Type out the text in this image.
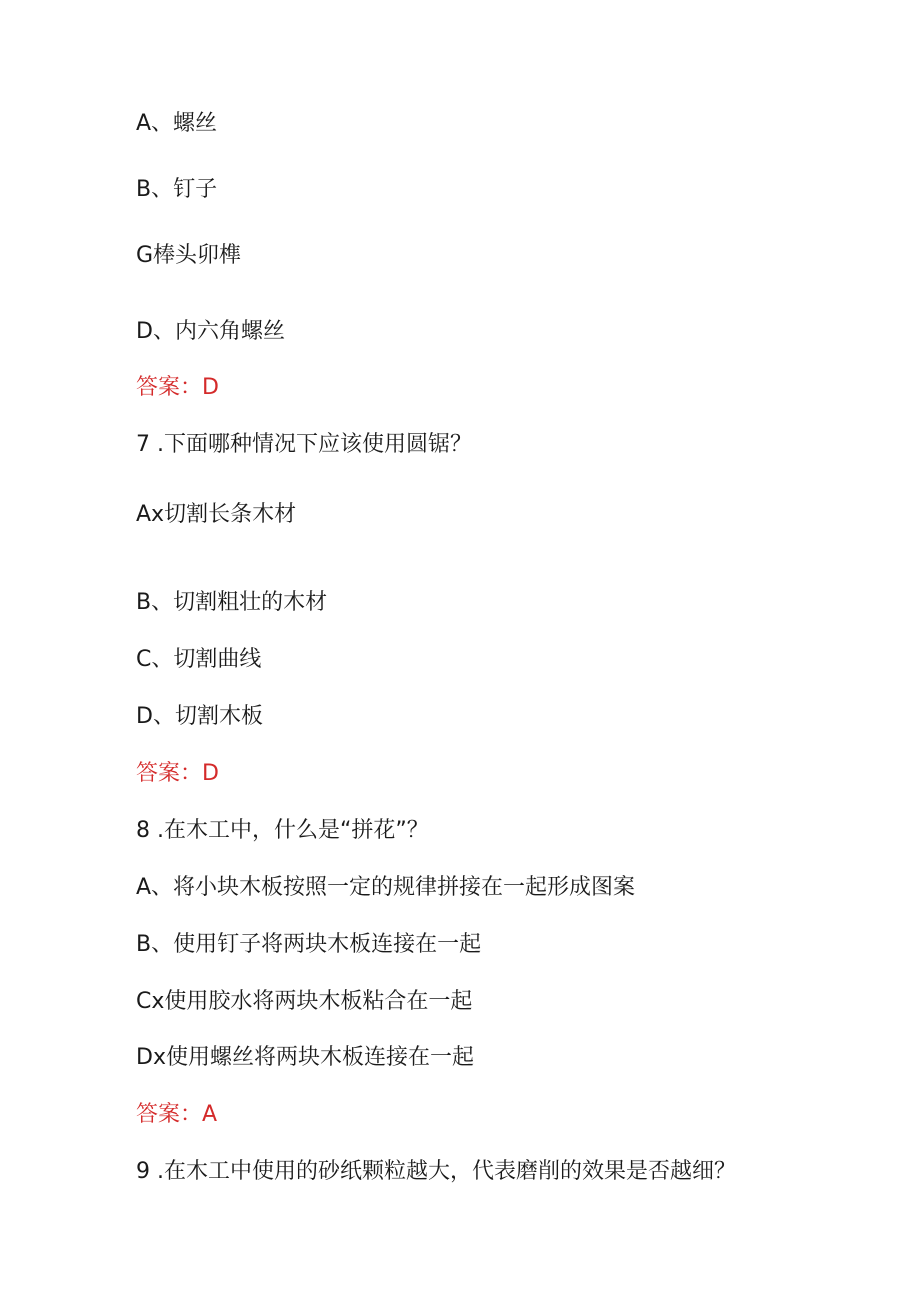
A、螺丝
B、钉子
G棒头卯榫
D、内六角螺丝
答案：D
7 .下面哪种情况下应该使用圆锯？
Ax切割长条木材
B、切割粗壮的木材
C、切割曲线
D、切割木板
答案：D
8 .在木工中，什么是“拼花”？
A、将小块木板按照一定的规律拼接在一起形成图案
B、使用钉子将两块木板连接在一起
Cx使用胶水将两块木板粘合在一起
Dx使用螺丝将两块木板连接在一起
答案：A
9 .在木工中使用的砂纸颗粒越大，代表磨削的效果是否越细？
